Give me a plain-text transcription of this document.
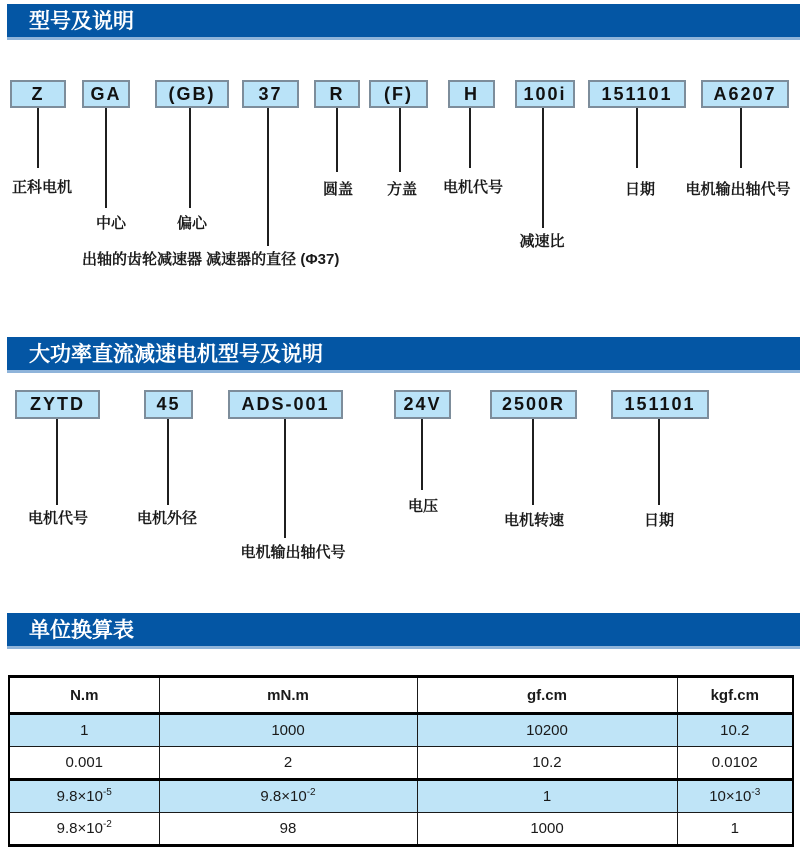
型号及说明
Z	GA	(GB)	37	R	(F)	H	100i	151101	A6207
正科电机	圆盖 方盖 电机代号	日期 电机输出轴代号
中心	偏心
减速比
出轴的齿轮减速器 减速器的直径 (Φ37)
大功率直流减速电机型号及说明
ZYTD	45	ADS-001	24V	2500R	151101
电机代号	电机外径
电机输出轴代号
电压
电机转速	日期
单位换算表
N.m	mN.m	gf.cm	kgf.cm
1	1000	10200	10.2
0.001	2	10.2	0.0102
$9.8\times 10^{-5}$	$9.8\times 10^{-2}$	1	$10\times 10^{-3}$
$9.8\times 10^{-2}$	98	1000	1
